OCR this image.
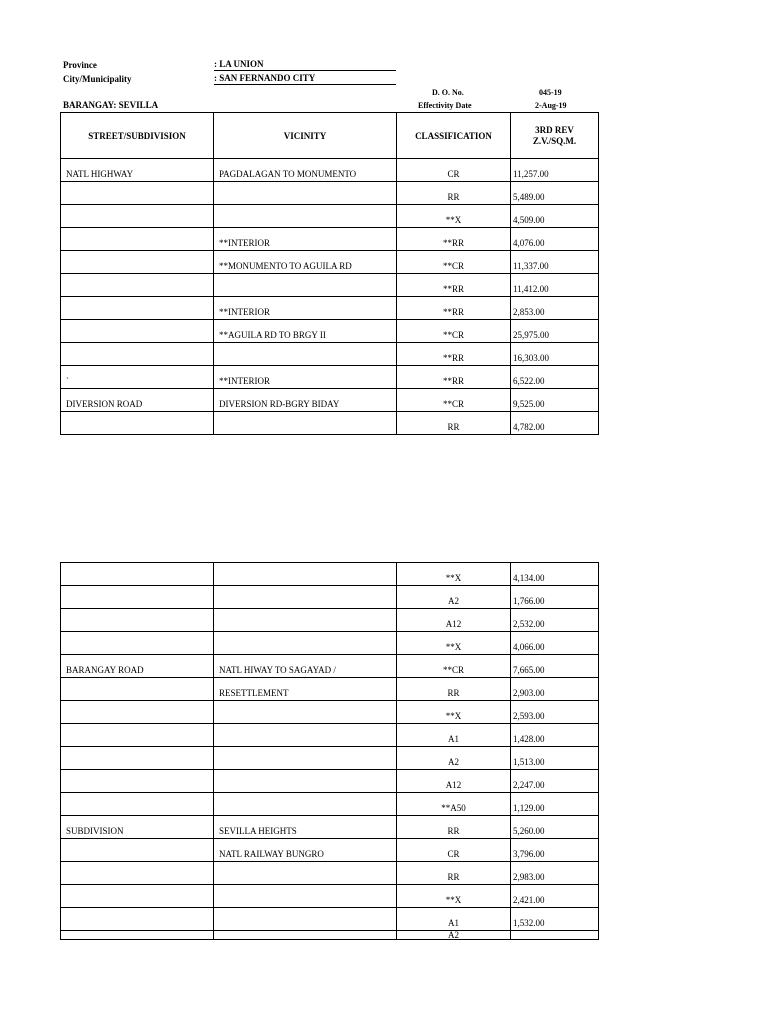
Province	: LA UNION
City/Municipality	: SAN FERNANDO CITY
D. O. No.	045-19
BARANGAY: SEVILLA	Effectivity Date	2-Aug-19
STREET/SUBDIVISION	VICINITY	CLASSIFICATION	3RD REV
Z.V./SQ.M.

NATL HIGHWAY	PAGDALAGAN TO MONUMENTO	CR	11,257.00
		RR	5,489.00
		**X	4,509.00
	**INTERIOR	**RR	4,076.00
	**MONUMENTO TO AGUILA RD	**CR	11,337.00
		**RR	11,412.00
	**INTERIOR	**RR	2,853.00
	**AGUILA RD TO BRGY II	**CR	25,975.00
		**RR	16,303.00
`	**INTERIOR	**RR	6,522.00
DIVERSION ROAD	DIVERSION RD-BGRY BIDAY	**CR	9,525.00
		RR	4,782.00
		**X	4,134.00
		A2	1,766.00
		A12	2,532.00
		**X	4,066.00
BARANGAY ROAD	NATL HIWAY TO SAGAYAD /	**CR	7,665.00
	RESETTLEMENT	RR	2,903.00
		**X	2,593.00
		A1	1,428.00
		A2	1,513.00
		A12	2,247.00
		**A50	1,129.00
SUBDIVISION	SEVILLA HEIGHTS	RR	5,260.00
	NATL RAILWAY BUNGRO	CR	3,796.00
		RR	2,983.00
		**X	2,421.00
		A1	1,532.00
		A2	
